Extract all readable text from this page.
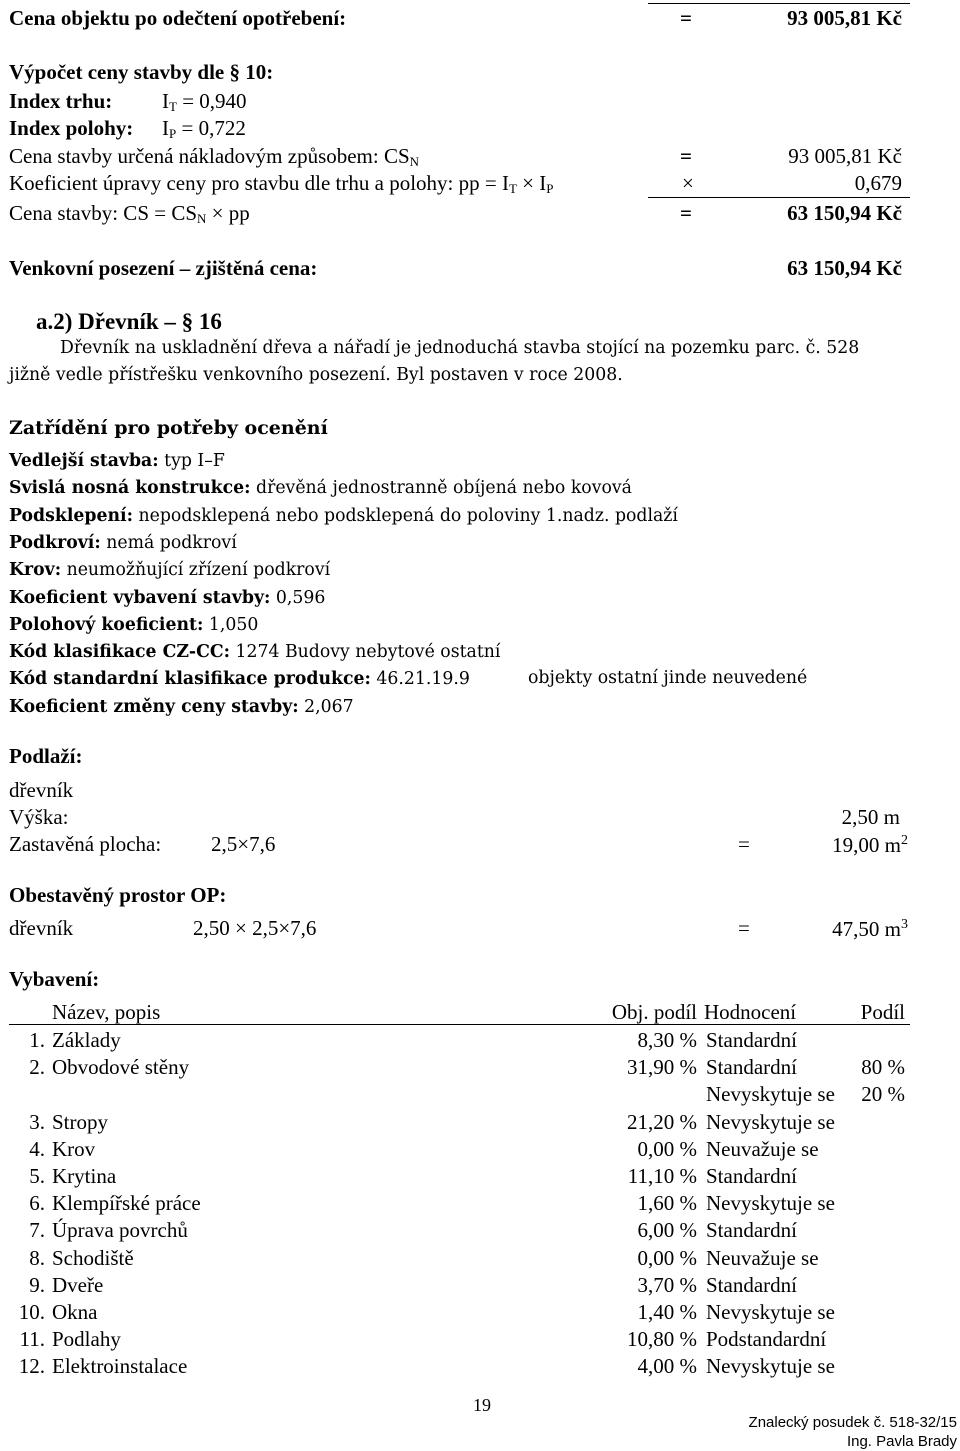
Cena objektu po odečtení opotřebení:	=	93 005,81 Kč
Výpočet ceny stavby dle § 10:
Index trhu: $I_T = 0,940$
Index polohy: $I_P = 0,722$
Cena stavby určená nákladovým způsobem: $CS_N$	=	93 005,81 Kč
Koeficient úpravy ceny pro stavbu dle trhu a polohy: pp = $I_T \times I_P$	×	0,679
Cena stavby: CS = $CS_N$ × pp	=	63 150,94 Kč
Venkovní posezení – zjištěná cena:	63 150,94 Kč
a.2) Dřevník – § 16
Dřevník na uskladnění dřeva a nářadí je jednoduchá stavba stojící na pozemku parc. č. 528
jižně vedle přístřešku venkovního posezení. Byl postaven v roce 2008.
Zatřídění pro potřeby ocenění
Vedlejší stavba: typ I–F
Svislá nosná konstrukce: dřevěná jednostranně obíjená nebo kovová
Podsklepení: nepodsklepená nebo podsklepená do poloviny 1.nadz. podlaží
Podkroví: nemá podkroví
Krov: neumožňující zřízení podkroví
Koeficient vybavení stavby: 0,596
Polohový koeficient: 1,050
Kód klasifikace CZ-CC: 1274 Budovy nebytové ostatní
Kód standardní klasifikace produkce: 46.21.19.9
Koeficient změny ceny stavby: 2,067
objekty ostatní jinde neuvedené
Podlaží:
dřevník
Výška:	2,50 m
Zastavěná plocha: 2,5×7,6	=	19,00 $m^2$
Obestavěný prostor OP:
dřevník	2,50 × 2,5×7,6	=	47,50 $m^3$
Vybavení:
Název, popis	Obj. podíl Hodnocení	Podíl
1. Základy	8,30 % Standardní
2. Obvodové stěny	31,90 % Standardní	80 %
Nevyskytuje se 20 %
3. Stropy	21,20 % Nevyskytuje se
4. Krov	0,00 % Neuvažuje se
5. Krytina	11,10 % Standardní
6. Klempířské práce	1,60 % Nevyskytuje se
7. Úprava povrchů	6,00 % Standardní
8. Schodiště	0,00 % Neuvažuje se
9. Dveře	3,70 % Standardní
10. Okna	1,40 % Nevyskytuje se
11. Podlahy	10,80 % Podstandardní
12. Elektroinstalace	4,00 % Nevyskytuje se
19
Znalecký posudek č. 518-32/15
Ing. Pavla Brady
